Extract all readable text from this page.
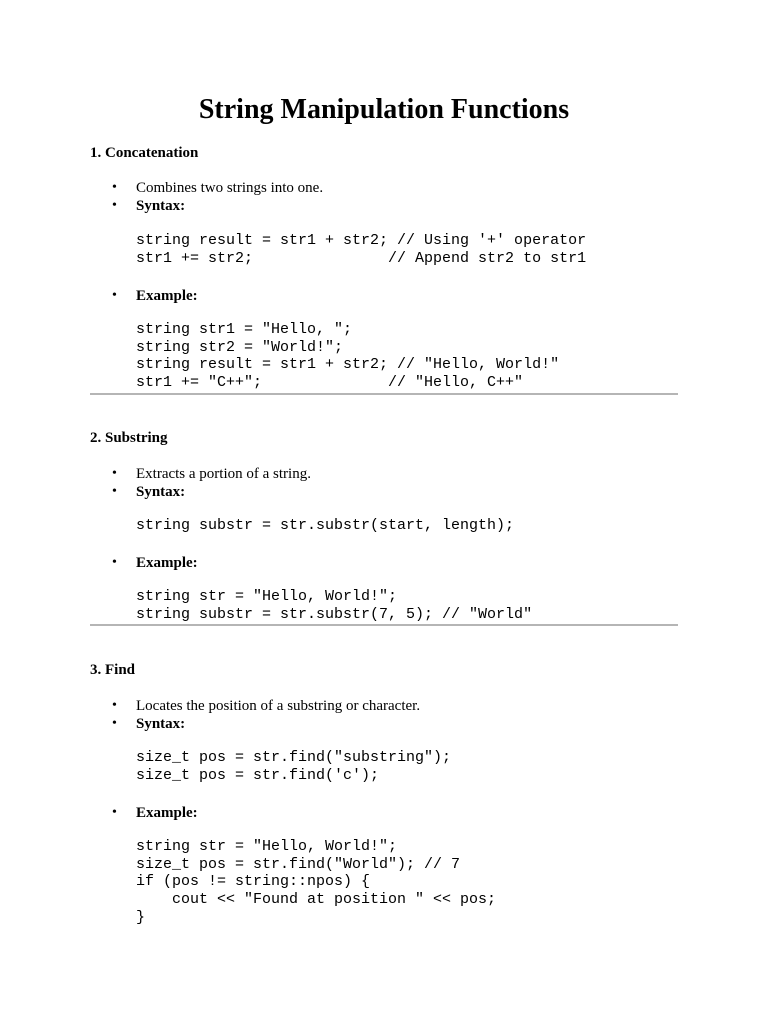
String Manipulation Functions
1. Concatenation
• Combines two strings into one.
• Syntax:
string result = str1 + str2; // Using '+' operator
str1 += str2;               // Append str2 to str1
• Example:
string str1 = "Hello, ";
string str2 = "World!";
string result = str1 + str2; // "Hello, World!"
str1 += "C++";              // "Hello, C++"
2. Substring
• Extracts a portion of a string.
• Syntax:
string substr = str.substr(start, length);
• Example:
string str = "Hello, World!";
string substr = str.substr(7, 5); // "World"
3. Find
• Locates the position of a substring or character.
• Syntax:
size_t pos = str.find("substring");
size_t pos = str.find('c');
• Example:
string str = "Hello, World!";
size_t pos = str.find("World"); // 7
if (pos != string::npos) {
cout << "Found at position " << pos;
}
